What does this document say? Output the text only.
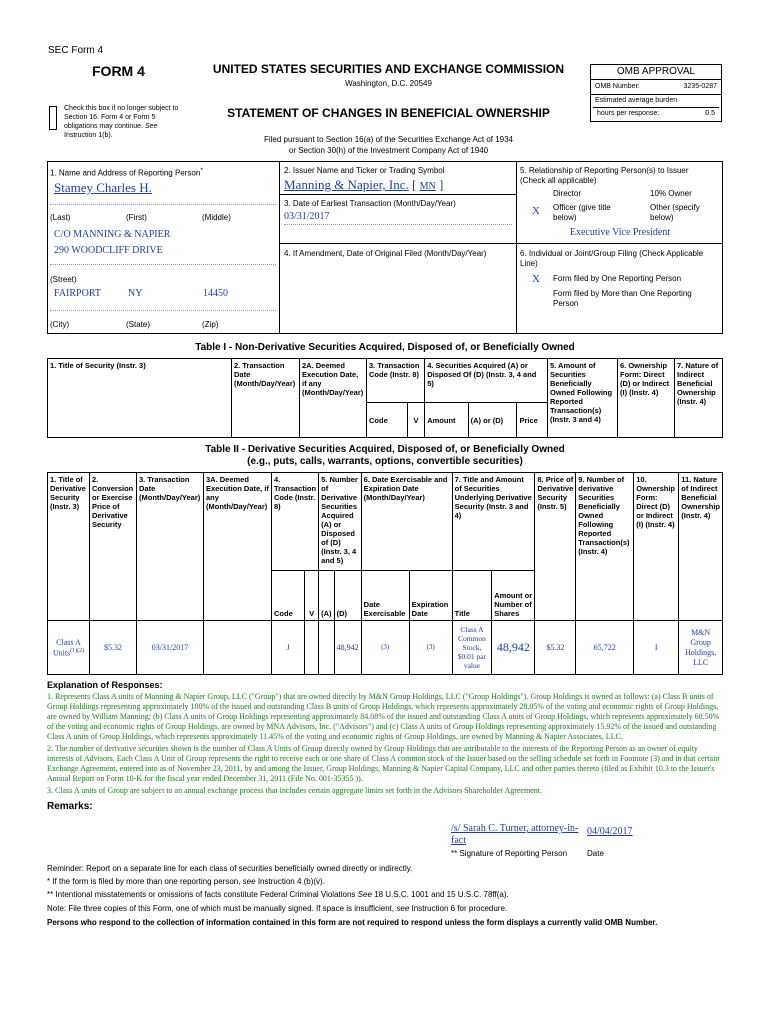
SEC Form 4
FORM 4	UNITED STATES SECURITIES AND EXCHANGE COMMISSION
Washington, D.C. 20549
Check this box if no longer subject to Section 16. Form 4 or Form 5 obligations may continue. See Instruction 1(b).
STATEMENT OF CHANGES IN BENEFICIAL OWNERSHIP
OMB APPROVAL
OMB Number:	3235-0287
Estimated average burden
hours per response:	0.5
Filed pursuant to Section 16(a) of the Securities Exchange Act of 1934
or Section 30(h) of the Investment Company Act of 1940
1. Name and Address of Reporting Person*
Stamey Charles H.
(Last)	(First)	(Middle)
C/O MANNING & NAPIER
290 WOODCLIFF DRIVE
(Street)
FAIRPORT	NY	14450
(City)	(State)	(Zip)
2. Issuer Name and Ticker or Trading Symbol
Manning & Napier, Inc. [ MN ]
3. Date of Earliest Transaction (Month/Day/Year)
03/31/2017
4. If Amendment, Date of Original Filed (Month/Day/Year)
5. Relationship of Reporting Person(s) to Issuer
(Check all applicable)
Director	10% Owner
X Officer (give title below)
Other (specify below)
Executive Vice President
6. Individual or Joint/Group Filing (Check Applicable Line)
X Form filed by One Reporting Person
Form filed by More than One Reporting Person
Table I - Non-Derivative Securities Acquired, Disposed of, or Beneficially Owned
1. Title of Security (Instr. 3)	2. Transaction Date (Month/Day/Year)	2A. Deemed Execution Date, if any (Month/Day/Year)	3. Transaction Code (Instr. 8)		4. Securities Acquired (A) or Disposed Of (D) (Instr. 3, 4 and 5)			5. Amount of Securities Beneficially Owned Following Reported Transaction(s) (Instr. 3 and 4)	6. Ownership Form: Direct (D) or Indirect (I) (Instr. 4)	7. Nature of Indirect Beneficial Ownership (Instr. 4)
			Code	V	Amount	(A) or (D)	Price			
Table II - Derivative Securities Acquired, Disposed of, or Beneficially Owned
(e.g., puts, calls, warrants, options, convertible securities)
1. Title of Derivative Security (Instr. 3)	2. Conversion or Exercise Price of Derivative Security	3. Transaction Date (Month/Day/Year)	3A. Deemed Execution Date, if any (Month/Day/Year)	4. Transaction Code (Instr. 8)		5. Number of Derivative Securities Acquired (A) or Disposed of (D) (Instr. 3, 4 and 5)		6. Date Exercisable and Expiration Date (Month/Day/Year)		7. Title and Amount of Securities Underlying Derivative Security (Instr. 3 and 4)		8. Price of Derivative Security (Instr. 5)	9. Number of derivative Securities Beneficially Owned Following Reported Transaction(s) (Instr. 4)	10. Ownership Form: Direct (D) or Indirect (I) (Instr. 4)	11. Nature of Indirect Beneficial Ownership (Instr. 4)
				Code	V	(A)	(D)	Date Exercisable	Expiration Date	Title	Amount or Number of Shares				
Class A Units$^{(1)(2)}$	$5.32	03/31/2017		J			48,942	(3)	(3)	Class A Common Stock, $0.01 par value	48,942	$5.32	65,722	I	M&N Group Holdings, LLC
Explanation of Responses:
1. Represents Class A units of Manning & Napier Group, LLC ("Group") that are owned directly by M&N Group Holdings, LLC ("Group Holdings"). Group Holdings is owned as follows: (a) Class B units of Group Holdings representing approximately 100% of the issued and outstanding Class B units of Group Holdings, which represents approximately 28.05% of the voting and economic rights of Group Holdings, are owned by William Manning; (b) Class A units of Group Holdings representing approximately 84.08% of the issued and outstanding Class A units of Group Holdings, which represents approximately 60.50% of the voting and economic rights of Group Holdings, are owned by MNA Advisors, Inc. ("Advisors") and (c) Class A units of Group Holdings representing approximately 15.92% of the issued and outstanding Class A units of Group Holdings, which represents approximately 11.45% of the voting and economic rights of Group Holdings, are owned by Manning & Napier Associates, LLC.
2. The number of derivative securities shown is the number of Class A Units of Group directly owned by Group Holdings that are attributable to the interests of the Reporting Person as an owner of equity interests of Advisors. Each Class A Unit of Group represents the right to receive each or one share of Class A common stock of the Issuer based on the selling schedule set forth in Footnote (3) and in that certain Exchange Agreement, entered into as of November 23, 2011, by and among the Issuer, Group Holdings, Manning & Napier Capital Company, LLC and other parties thereto (filed as Exhibit 10.3 to the Issuer's Annual Report on Form 10-K for the fiscal year ended December 31, 2011 (File No. 001-35355 )).
3. Class A units of Group are subject to an annual exchange process that includes certain aggregate limits set forth in the Advisors Shareholder Agreement.
Remarks:
/s/ Sarah C. Turner, attorney-in-fact
04/04/2017
** Signature of Reporting Person Date
Reminder: Report on a separate line for each class of securities beneficially owned directly or indirectly.
* If the form is filed by more than one reporting person, see Instruction 4 (b)(v).
** Intentional misstatements or omissions of facts constitute Federal Criminal Violations See 18 U.S.C. 1001 and 15 U.S.C. 78ff(a).
Note: File three copies of this Form, one of which must be manually signed. If space is insufficient, see Instruction 6 for procedure.
Persons who respond to the collection of information contained in this form are not required to respond unless the form displays a currently valid OMB Number.
